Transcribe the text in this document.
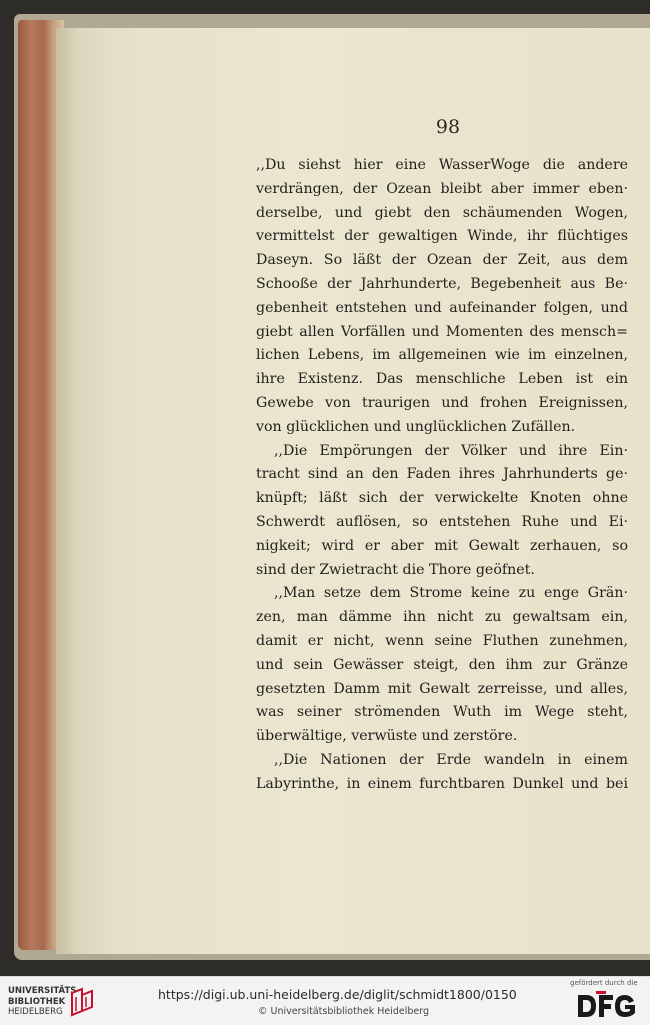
98
,,Du siehst hier eine WasserWoge die andere
verdrängen, der Ozean bleibt aber immer eben·
derselbe, und giebt den schäumenden Wogen,
vermittelst der gewaltigen Winde, ihr flüchtiges
Daseyn. So läßt der Ozean der Zeit, aus dem
Schooße der Jahrhunderte, Begebenheit aus Be·
gebenheit entstehen und aufeinander folgen, und
giebt allen Vorfällen und Momenten des mensch=
lichen Lebens, im allgemeinen wie im einzelnen,
ihre Existenz. Das menschliche Leben ist ein
Gewebe von traurigen und frohen Ereignissen,
von glücklichen und unglücklichen Zufällen.
,,Die Empörungen der Völker und ihre Ein·
tracht sind an den Faden ihres Jahrhunderts ge·
knüpft; läßt sich der verwickelte Knoten ohne
Schwerdt auflösen, so entstehen Ruhe und Ei·
nigkeit; wird er aber mit Gewalt zerhauen, so
sind der Zwietracht die Thore geöfnet.
,,Man setze dem Strome keine zu enge Grän·
zen, man dämme ihn nicht zu gewaltsam ein,
damit er nicht, wenn seine Fluthen zunehmen,
und sein Gewässer steigt, den ihm zur Gränze
gesetzten Damm mit Gewalt zerreisse, und alles,
was seiner strömenden Wuth im Wege steht,
überwältige, verwüste und zerstöre.
,,Die Nationen der Erde wandeln in einem
Labyrinthe, in einem furchtbaren Dunkel und bei
UNIVERSITÄTS-
BIBLIOTHEK
HEIDELBERG
https://digi.ub.uni-heidelberg.de/diglit/schmidt1800/0150
© Universitätsbibliothek Heidelberg
gefördert durch die
